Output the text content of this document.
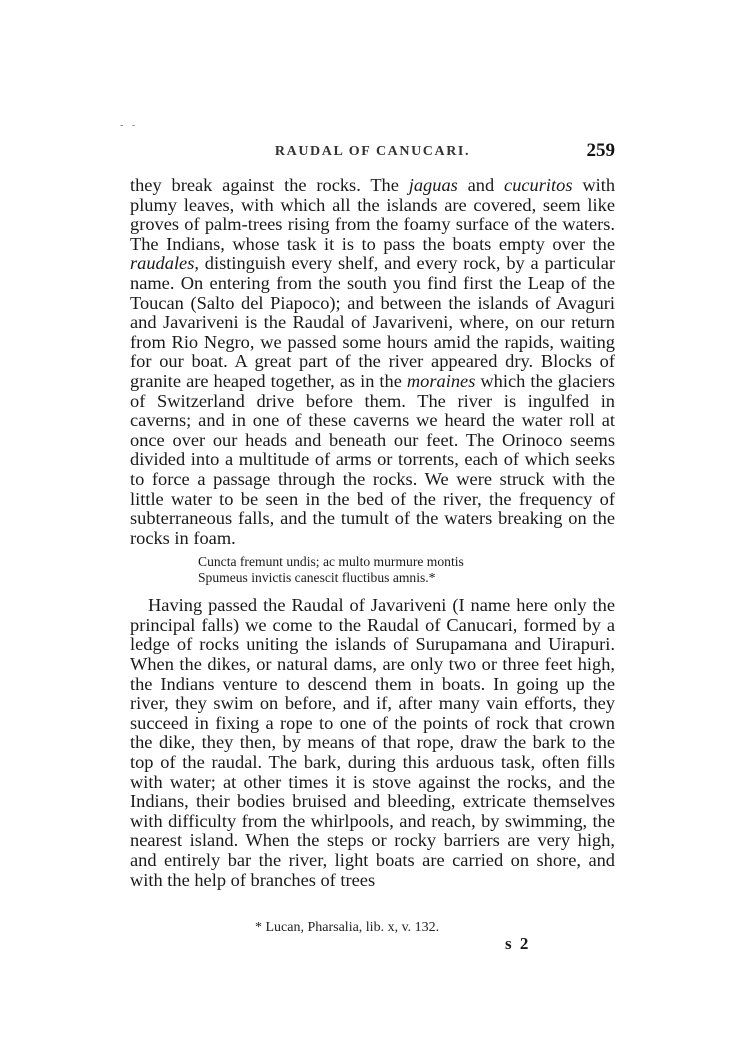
- -
RAUDAL OF CANUCARI.	259

they break against the rocks. The jaguas and cucuritos with plumy leaves, with which all the islands are covered, seem like groves of palm-trees rising from the foamy surface of the waters. The Indians, whose task it is to pass the boats empty over the raudales, distinguish every shelf, and every rock, by a particular name. On entering from the south you find first the Leap of the Toucan (Salto del Piapoco); and between the islands of Avaguri and Javariveni is the Raudal of Javariveni, where, on our return from Rio Negro, we passed some hours amid the rapids, waiting for our boat. A great part of the river appeared dry. Blocks of granite are heaped together, as in the moraines which the glaciers of Switzerland drive before them. The river is ingulfed in caverns; and in one of these caverns we heard the water roll at once over our heads and beneath our feet. The Orinoco seems divided into a multitude of arms or torrents, each of which seeks to force a passage through the rocks. We were struck with the little water to be seen in the bed of the river, the frequency of subterraneous falls, and the tumult of the waters breaking on the rocks in foam.

Cuncta fremunt undis; ac multo murmure montis
Spumeus invictis canescit fluctibus amnis.*

Having passed the Raudal of Javariveni (I name here only the principal falls) we come to the Raudal of Canucari, formed by a ledge of rocks uniting the islands of Surupamana and Uirapuri. When the dikes, or natural dams, are only two or three feet high, the Indians venture to descend them in boats. In going up the river, they swim on before, and if, after many vain efforts, they succeed in fixing a rope to one of the points of rock that crown the dike, they then, by means of that rope, draw the bark to the top of the raudal. The bark, during this arduous task, often fills with water; at other times it is stove against the rocks, and the Indians, their bodies bruised and bleeding, extricate themselves with difficulty from the whirlpools, and reach, by swimming, the nearest island. When the steps or rocky barriers are very high, and entirely bar the river, light boats are carried on shore, and with the help of branches of trees

* Lucan, Pharsalia, lib. x, v. 132.
s 2
